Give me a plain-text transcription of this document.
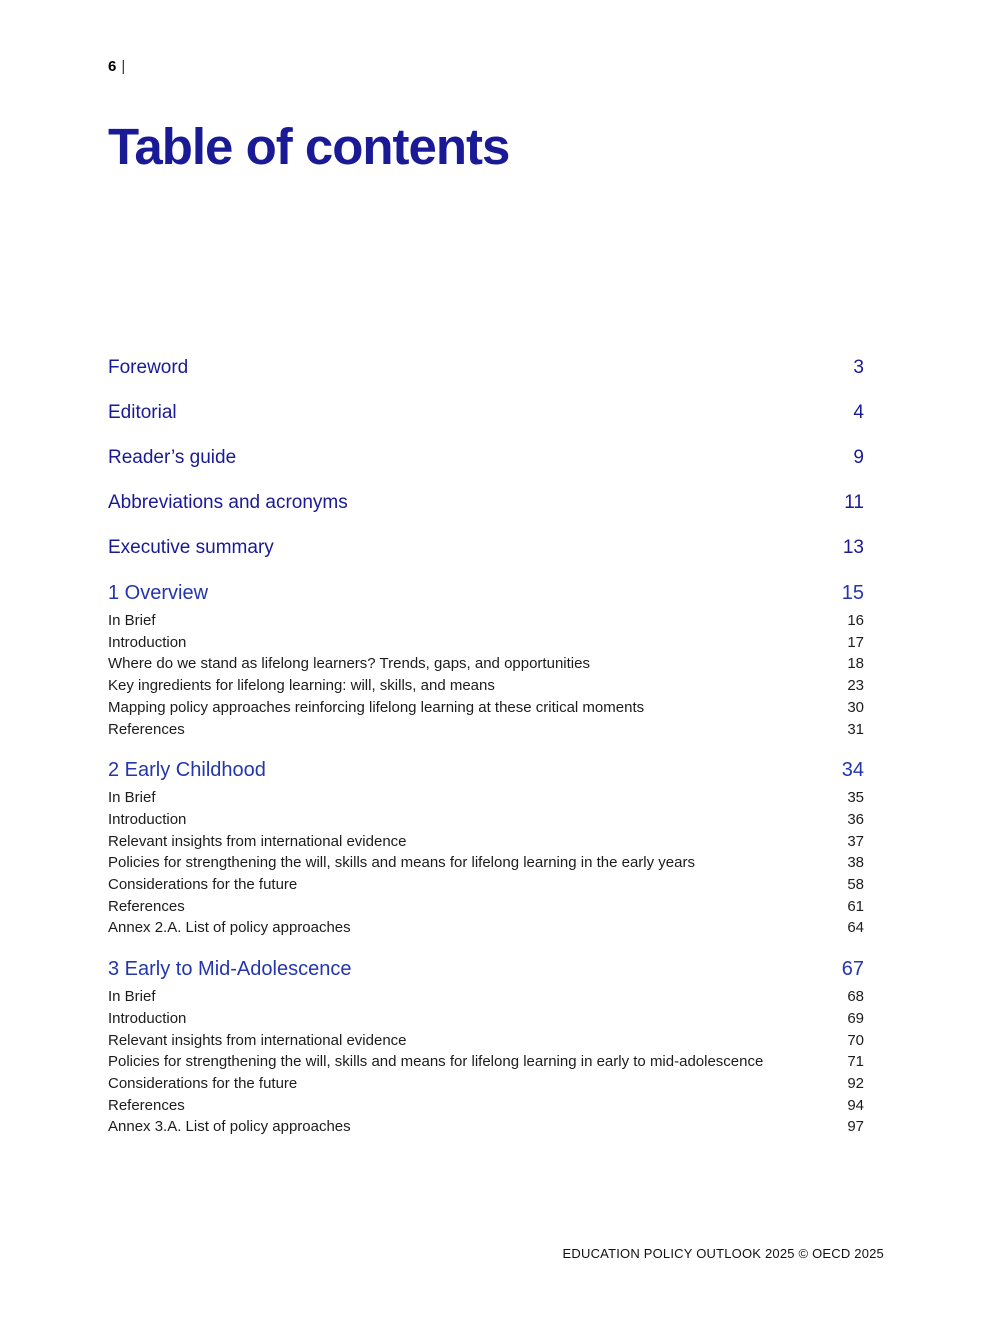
6 |
Table of contents
Foreword	3
Editorial	4
Reader’s guide	9
Abbreviations and acronyms	11
Executive summary	13
1 Overview	15
In Brief	16
Introduction	17
Where do we stand as lifelong learners? Trends, gaps, and opportunities	18
Key ingredients for lifelong learning: will, skills, and means	23
Mapping policy approaches reinforcing lifelong learning at these critical moments	30
References	31
2 Early Childhood	34
In Brief	35
Introduction	36
Relevant insights from international evidence	37
Policies for strengthening the will, skills and means for lifelong learning in the early years	38
Considerations for the future	58
References	61
Annex 2.A. List of policy approaches	64
3 Early to Mid-Adolescence	67
In Brief	68
Introduction	69
Relevant insights from international evidence	70
Policies for strengthening the will, skills and means for lifelong learning in early to mid-adolescence	71
Considerations for the future	92
References	94
Annex 3.A. List of policy approaches	97
EDUCATION POLICY OUTLOOK 2025 © OECD 2025
